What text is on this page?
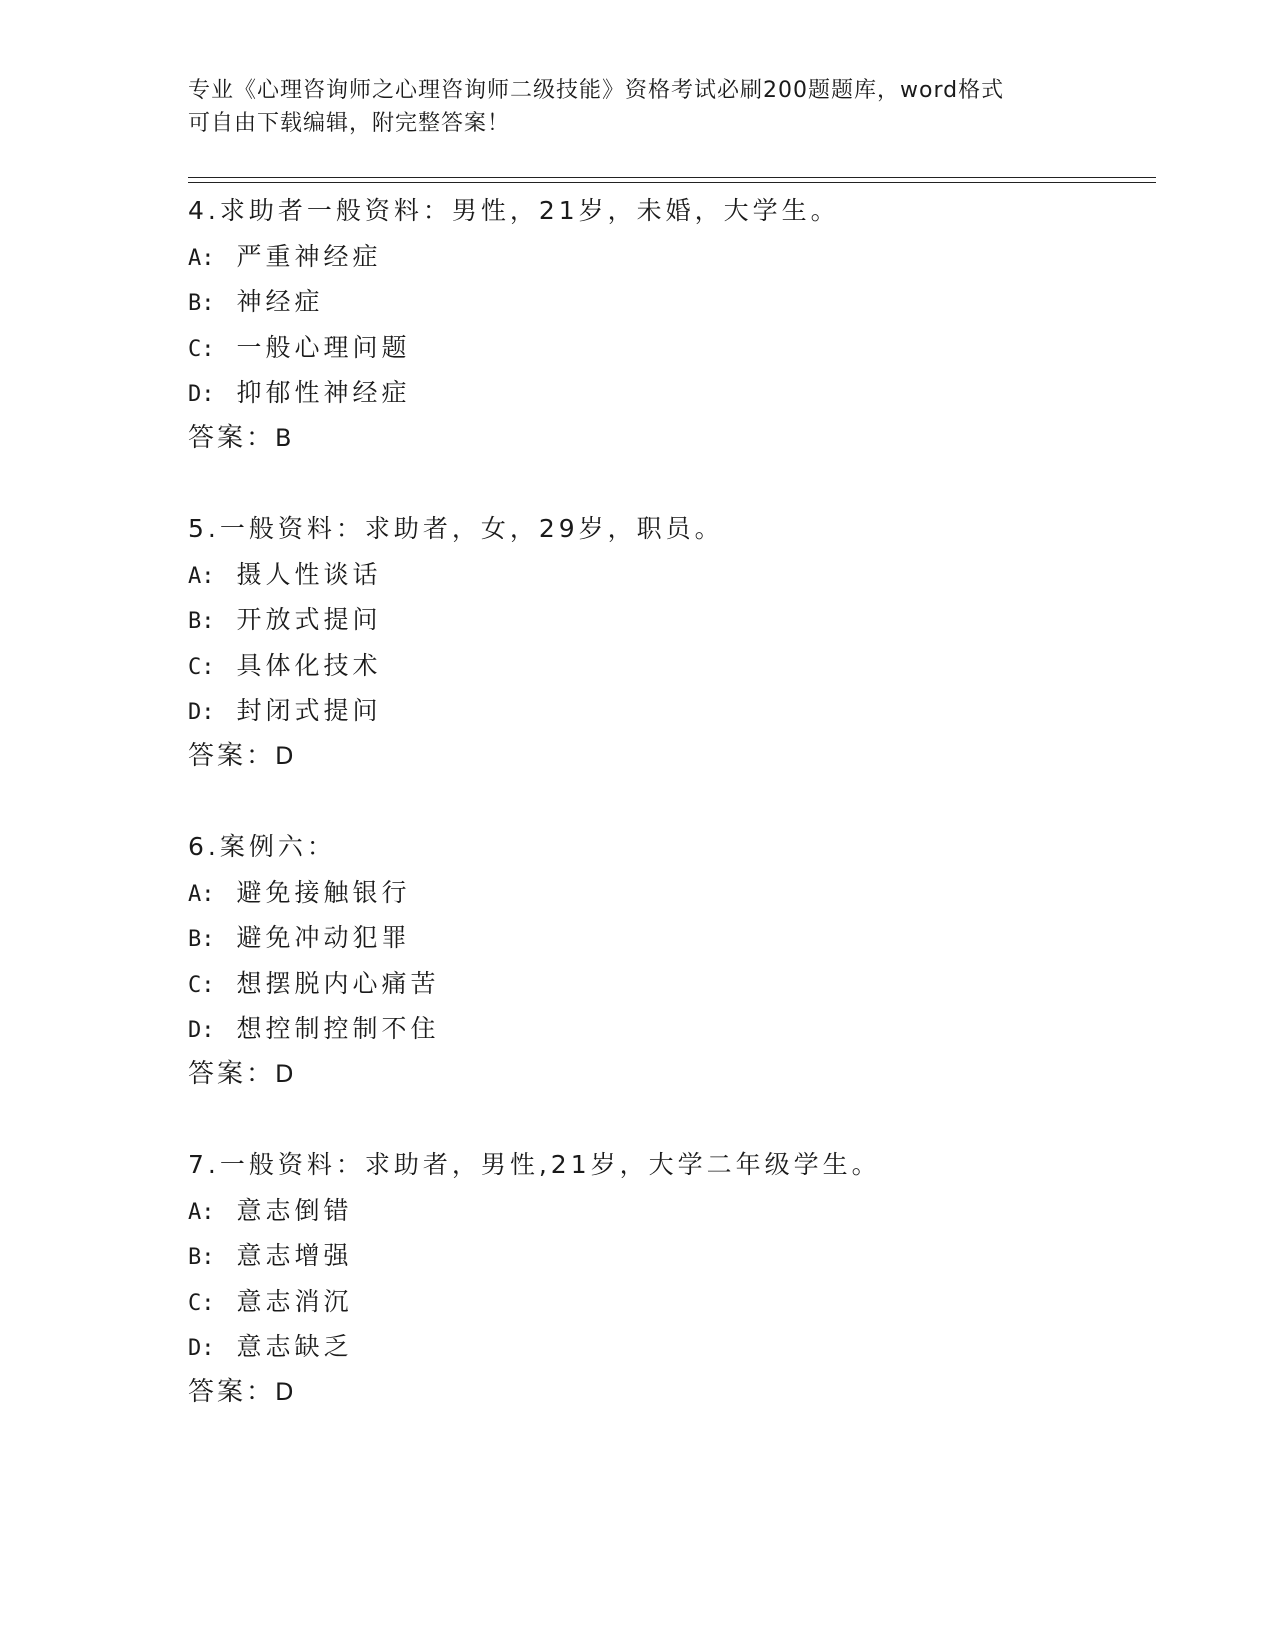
专业《心理咨询师之心理咨询师二级技能》资格考试必刷200题题库，word格式
可自由下载编辑，附完整答案！
4.求助者一般资料：男性，21岁，未婚，大学生。
A: 严重神经症
B: 神经症
C: 一般心理问题
D: 抑郁性神经症
答案：B
5.一般资料：求助者，女，29岁，职员。
A: 摄人性谈话
B: 开放式提问
C: 具体化技术
D: 封闭式提问
答案：D
6.案例六：
A: 避免接触银行
B: 避免冲动犯罪
C: 想摆脱内心痛苦
D: 想控制控制不住
答案：D
7.一般资料：求助者，男性,21岁，大学二年级学生。
A: 意志倒错
B: 意志增强
C: 意志消沉
D: 意志缺乏
答案：D
